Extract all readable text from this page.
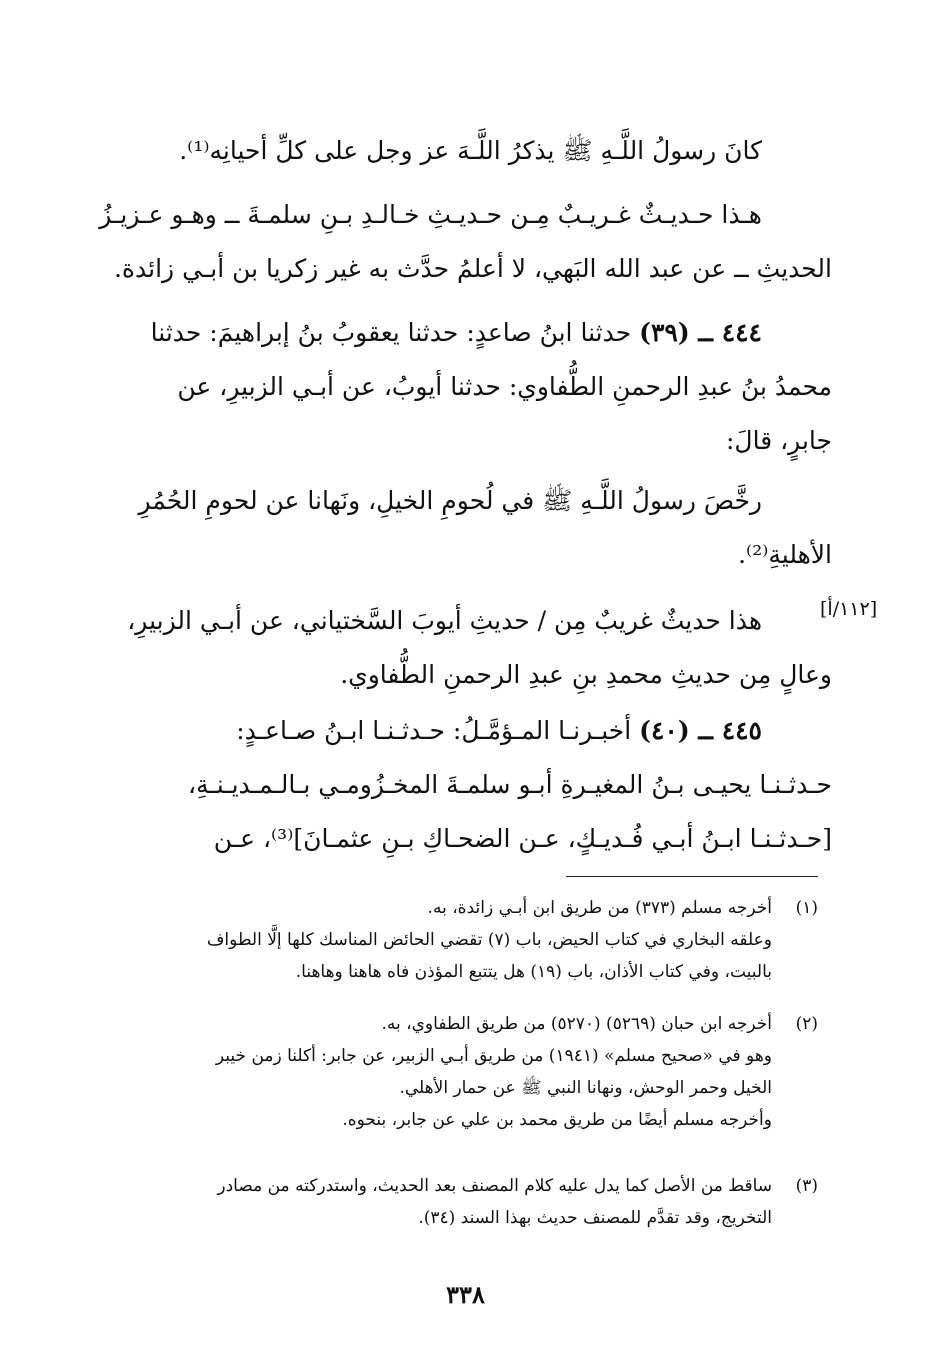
كانَ رسولُ اللَّـهِ ﷺ يذكرُ اللَّـهَ عز وجل على كلِّ أحيانِه⁽¹⁾.

هـذا حـديـثٌ غـريـبٌ مِـن حـديـثِ خـالـدِ بـنِ سلمـةَ ــ وهـو عـزيـزُ

الحديثِ ــ عن عبد الله البَهي، لا أعلمُ حدَّث به غير زكريا بن أبـي زائدة.

٤٤٤ ــ (٣٩) حدثنا ابنُ صاعدٍ: حدثنا يعقوبُ بنُ إبراهيمَ: حدثنا

محمدُ بنُ عبدِ الرحمنِ الطُّفاوي: حدثنا أيوبُ، عن أبـي الزبيرِ، عن

جابرٍ، قالَ:

رخَّصَ رسولُ اللَّـهِ ﷺ في لُحومِ الخيلِ، ونَهانا عن لحومِ الحُمُرِ

الأهليةِ⁽²⁾.

[١١٢/أ]

هذا حديثٌ غريبٌ مِن / حديثِ أيوبَ السَّختياني، عن أبـي الزبيرِ،

وعالٍ مِن حديثِ محمدِ بنِ عبدِ الرحمنِ الطُّفاوي.

٤٤٥ ــ (٤٠) أخبـرنـا المـؤمَّـلُ: حـدثـنـا ابـنُ صـاعـدٍ:

حـدثـنـا يحيـى بـنُ المغيـرةِ أبـو سلمـةَ المخـزُومـي بـالـمـديـنـةِ،

[حـدثـنـا ابـنُ أبـي فُـديـكٍ، عـن الضحـاكِ بـنِ عثمـانَ]⁽³⁾، عـن

(١)
أخرجه مسلم (٣٧٣) من طريق ابن أبـي زائدة، به.
وعلقه البخاري في كتاب الحيض، باب (٧) تقضي الحائض المناسك كلها إلَّا الطواف
بالبيت، وفي كتاب الأذان، باب (١٩) هل يتتبع المؤذن فاه هاهنا وهاهنا.
(٢)
أخرجه ابن حبان (٥٢٦٩) (٥٢٧٠) من طريق الطفاوي، به.
وهو في «صحيح مسلم» (١٩٤١) من طريق أبـي الزبير، عن جابر: أكلنا زمن خيبر
الخيل وحمر الوحش، ونهانا النبي ﷺ عن حمار الأهلي.
وأخرجه مسلم أيضًا من طريق محمد بن علي عن جابر، بنحوه.
(٣)
ساقط من الأصل كما يدل عليه كلام المصنف بعد الحديث، واستدركته من مصادر
التخريج، وقد تقدَّم للمصنف حديث بهذا السند (٣٤).
٣٣٨
